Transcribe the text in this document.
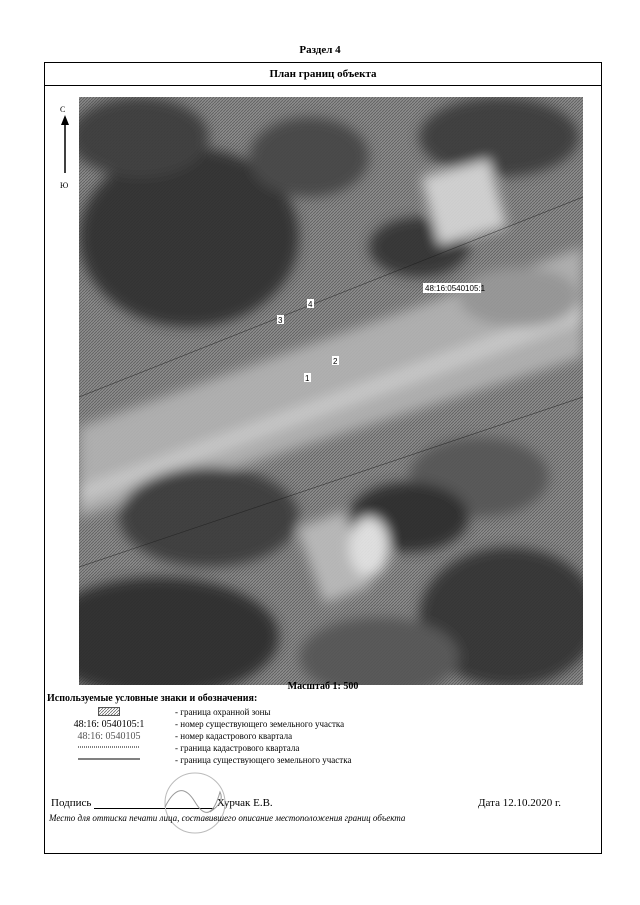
Раздел 4
План границ объекта
С
Ю
48:16:0540105:1
1
2
3
4
Масштаб 1: 500
Используемые условные знаки и обозначения:
- граница охранной зоны
48:16: 0540105:1	- номер существующего земельного участка
48:16: 0540105	- номер кадастрового квартала
- граница кадастрового квартала
- граница существующего земельного участка
Подпись	Хурчак Е.В.	Дата 12.10.2020 г.
Место для оттиска печати лица, составившего описание местоположения границ объекта
